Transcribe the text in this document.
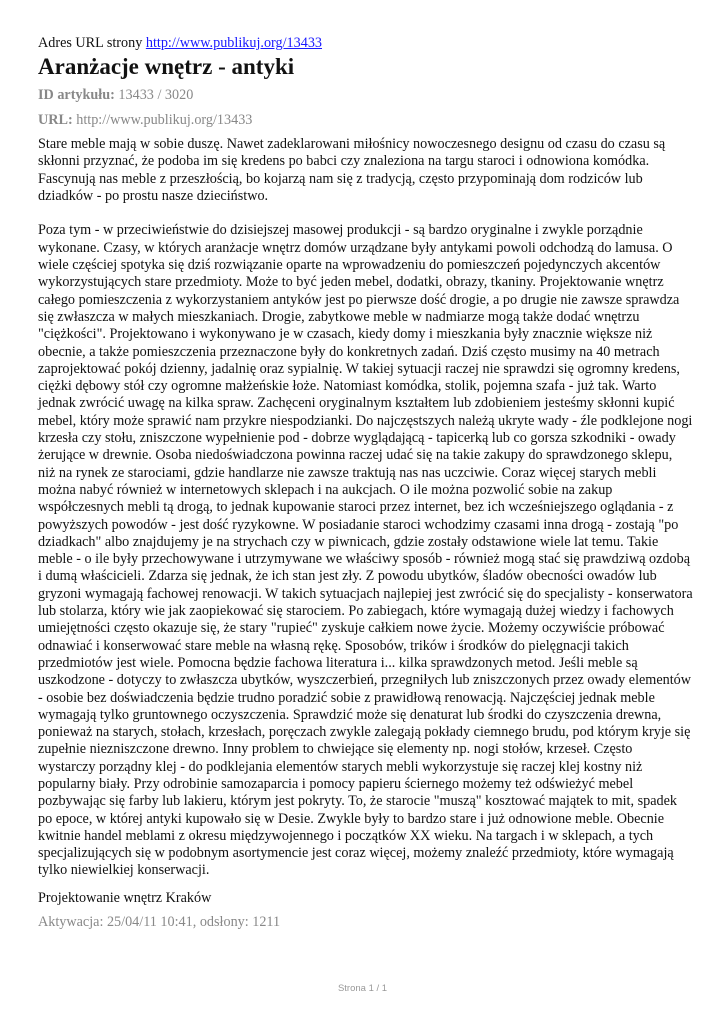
Adres URL strony http://www.publikuj.org/13433

Aranżacje wnętrz - antyki

ID artykułu: 13433 / 3020

URL: http://www.publikuj.org/13433

Stare meble mają w sobie duszę. Nawet zadeklarowani miłośnicy nowoczesnego designu od czasu do czasu są skłonni przyznać, że podoba im się kredens po babci czy znaleziona na targu staroci i odnowiona komódka. Fascynują nas meble z przeszłością, bo kojarzą nam się z tradycją, często przypominają dom rodziców lub dziadków - po prostu nasze dzieciństwo.

Poza tym - w przeciwieństwie do dzisiejszej masowej produkcji - są bardzo oryginalne i zwykle porządnie wykonane. Czasy, w których aranżacje wnętrz domów urządzane były antykami powoli odchodzą do lamusa. O wiele częściej spotyka się dziś rozwiązanie oparte na wprowadzeniu do pomieszczeń pojedynczych akcentów wykorzystujących stare przedmioty. Może to być jeden mebel, dodatki, obrazy, tkaniny. Projektowanie wnętrz całego pomieszczenia z wykorzystaniem antyków jest po pierwsze dość drogie, a po drugie nie zawsze sprawdza się zwłaszcza w małych mieszkaniach. Drogie, zabytkowe meble w nadmiarze mogą także dodać wnętrzu "ciężkości". Projektowano i wykonywano je w czasach, kiedy domy i mieszkania były znacznie większe niż obecnie, a także pomieszczenia przeznaczone były do konkretnych zadań. Dziś często musimy na 40 metrach zaprojektować pokój dzienny, jadalnię oraz sypialnię. W takiej sytuacji raczej nie sprawdzi się ogromny kredens, ciężki dębowy stół czy ogromne małżeńskie łoże. Natomiast komódka, stolik, pojemna szafa - już tak. Warto jednak zwrócić uwagę na kilka spraw. Zachęceni oryginalnym kształtem lub zdobieniem jesteśmy skłonni kupić mebel, który może sprawić nam przykre niespodzianki. Do najczęstszych należą ukryte wady - źle podklejone nogi krzesła czy stołu, zniszczone wypełnienie pod - dobrze wyglądającą - tapicerką lub co gorsza szkodniki - owady żerujące w drewnie. Osoba niedoświadczona powinna raczej udać się na takie zakupy do sprawdzonego sklepu, niż na rynek ze starociami, gdzie handlarze nie zawsze traktują nas nas uczciwie. Coraz więcej starych mebli można nabyć również w internetowych sklepach i na aukcjach. O ile można pozwolić sobie na zakup współczesnych mebli tą drogą, to jednak kupowanie staroci przez internet, bez ich wcześniejszego oglądania - z powyższych powodów - jest dość ryzykowne. W posiadanie staroci wchodzimy czasami inna drogą - zostają "po dziadkach" albo znajdujemy je na strychach czy w piwnicach, gdzie zostały odstawione wiele lat temu. Takie meble - o ile były przechowywane i utrzymywane we właściwy sposób - również mogą stać się prawdziwą ozdobą i dumą właścicieli. Zdarza się jednak, że ich stan jest zły. Z powodu ubytków, śladów obecności owadów lub gryzoni wymagają fachowej renowacji. W takich sytuacjach najlepiej jest zwrócić się do specjalisty - konserwatora lub stolarza, który wie jak zaopiekować się starociem. Po zabiegach, które wymagają dużej wiedzy i fachowych umiejętności często okazuje się, że stary "rupieć" zyskuje całkiem nowe życie. Możemy oczywiście próbować odnawiać i konserwować stare meble na własną rękę. Sposobów, trików i środków do pielęgnacji takich przedmiotów jest wiele. Pomocna będzie fachowa literatura i... kilka sprawdzonych metod. Jeśli meble są uszkodzone - dotyczy to zwłaszcza ubytków, wyszczerbień, przegniłych lub zniszczonych przez owady elementów - osobie bez doświadczenia będzie trudno poradzić sobie z prawidłową renowacją. Najczęściej jednak meble wymagają tylko gruntownego oczyszczenia. Sprawdzić może się denaturat lub środki do czyszczenia drewna, ponieważ na starych, stołach, krzesłach, poręczach zwykle zalegają pokłady ciemnego brudu, pod którym kryje się zupełnie niezniszczone drewno. Inny problem to chwiejące się elementy np. nogi stołów, krzeseł. Często wystarczy porządny klej - do podklejania elementów starych mebli wykorzystuje się raczej klej kostny niż popularny biały. Przy odrobinie samozaparcia i pomocy papieru ściernego możemy też odświeżyć mebel pozbywając się farby lub lakieru, którym jest pokryty. To, że starocie "muszą" kosztować majątek to mit, spadek po epoce, w której antyki kupowało się w Desie. Zwykle były to bardzo stare i już odnowione meble. Obecnie kwitnie handel meblami z okresu międzywojennego i początków XX wieku. Na targach i w sklepach, a tych specjalizujących się w podobnym asortymencie jest coraz więcej, możemy znaleźć przedmioty, które wymagają tylko niewielkiej konserwacji.

Projektowanie wnętrz Kraków

Aktywacja: 25/04/11 10:41, odsłony: 1211

Strona 1 / 1
